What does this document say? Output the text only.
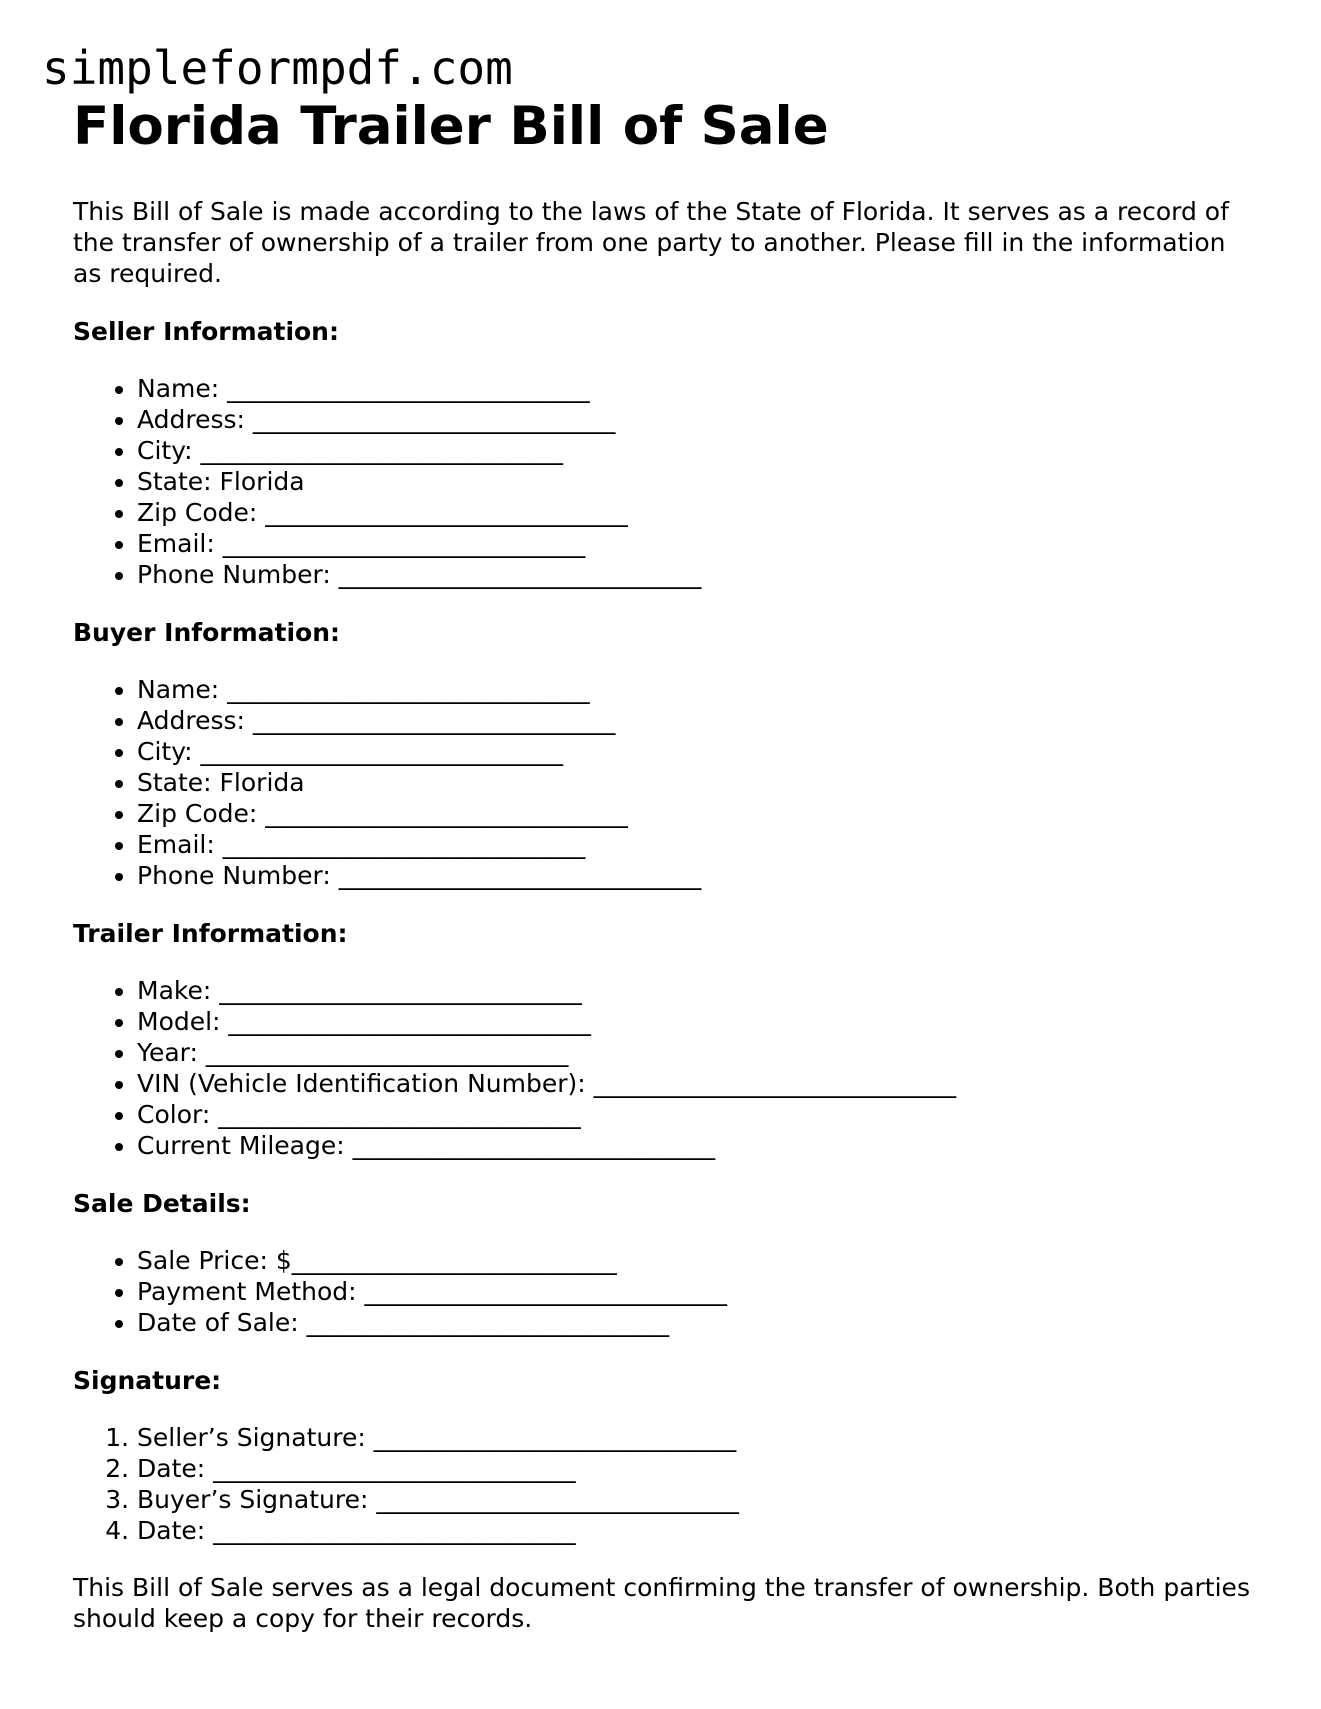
simpleformpdf.com
Florida Trailer Bill of Sale

This Bill of Sale is made according to the laws of the State of Florida. It serves as a record of the transfer of ownership of a trailer from one party to another. Please fill in the information as required.

Seller Information:
• Name: _____________________________
• Address: _____________________________
• City: _____________________________
• State: Florida
• Zip Code: _____________________________
• Email: _____________________________
• Phone Number: _____________________________
Buyer Information:
• Name: _____________________________
• Address: _____________________________
• City: _____________________________
• State: Florida
• Zip Code: _____________________________
• Email: _____________________________
• Phone Number: _____________________________
Trailer Information:
• Make: _____________________________
• Model: _____________________________
• Year: _____________________________
• VIN (Vehicle Identification Number): _____________________________
• Color: _____________________________
• Current Mileage: _____________________________
Sale Details:
• Sale Price: $__________________________
• Payment Method: _____________________________
• Date of Sale: _____________________________
Signature:
1. Seller’s Signature: _____________________________
2. Date: _____________________________
3. Buyer’s Signature: _____________________________
4. Date: _____________________________

This Bill of Sale serves as a legal document confirming the transfer of ownership. Both parties should keep a copy for their records.
